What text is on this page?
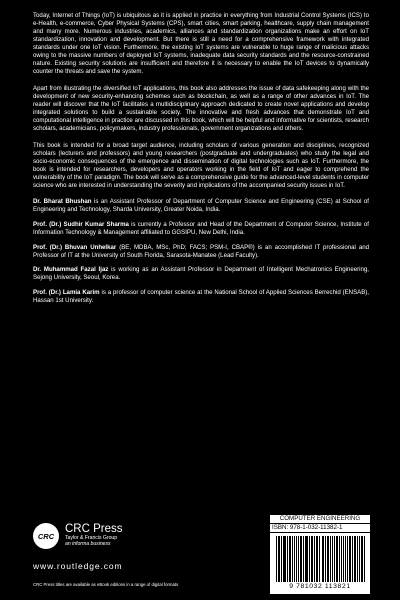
Today, Internet of Things (IoT) is ubiquitous as it is applied in practice in everything from Industrial Control Systems (ICS) to e-Health, e-commerce, Cyber Physical Systems (CPS), smart cities, smart parking, healthcare, supply chain management and many more. Numerous industries, academics, alliances and standardization organizations make an effort on IoT standardization, innovation and development. But there is still a need for a comprehensive framework with integrated standards under one IoT vision. Furthermore, the existing IoT systems are vulnerable to huge range of malicious attacks owing to the massive numbers of deployed IoT systems, inadequate data security standards and the resource-constrained nature. Existing security solutions are insufficient and therefore it is necessary to enable the IoT devices to dynamically counter the threats and save the system.

Apart from illustrating the diversified IoT applications, this book also addresses the issue of data safekeeping along with the development of new security-enhancing schemes such as blockchain, as well as a range of other advances in IoT. The reader will discover that the IoT facilitates a multidisciplinary approach dedicated to create novel applications and develop integrated solutions to build a sustainable society. The innovative and fresh advances that demonstrate IoT and computational intelligence in practice are discussed in this book, which will be helpful and informative for scientists, research scholars, academicians, policymakers, industry professionals, government organizations and others.

This book is intended for a broad target audience, including scholars of various generation and disciplines, recognized scholars (lecturers and professors) and young researchers (postgraduate and undergraduates) who study the legal and socio-economic consequences of the emergence and dissemination of digital technologies such as IoT. Furthermore, the book is intended for researchers, developers and operators working in the field of IoT and eager to comprehend the vulnerability of the IoT paradigm. The book will serve as a comprehensive guide for the advanced-level students in computer science who are interested in understanding the severity and implications of the accompanied security issues in IoT.

Dr. Bharat Bhushan is an Assistant Professor of Department of Computer Science and Engineering (CSE) at School of Engineering and Technology, Sharda University, Greater Noida, India.

Prof. (Dr.) Sudhir Kumar Sharma is currently a Professor and Head of the Department of Computer Science, Institute of Information Technology & Management affiliated to GGSIPU, New Delhi, India.

Prof. (Dr.) Bhuvan Unhelkar (BE, MDBA, MSc, PhD; FACS; PSM-I, CBAP®) is an accomplished IT professional and Professor of IT at the University of South Florida, Sarasota-Manatee (Lead Faculty).

Dr. Muhammad Fazal Ijaz is working as an Assistant Professor in Department of Intelligent Mechatronics Engineering, Sejong University, Seoul, Korea.

Prof. (Dr.) Lamia Karim is a professor of computer science at the National School of Applied Sciences Berrechid (ENSAB), Hassan 1st University.

CRC
CRC Press
Taylor & Francis Group
an informa business
www.routledge.com
CRC Press titles are available as eBook editions in a range of digital formats
COMPUTER ENGINEERING
ISBN: 978-1-032-11382-1
9 781032 113821
